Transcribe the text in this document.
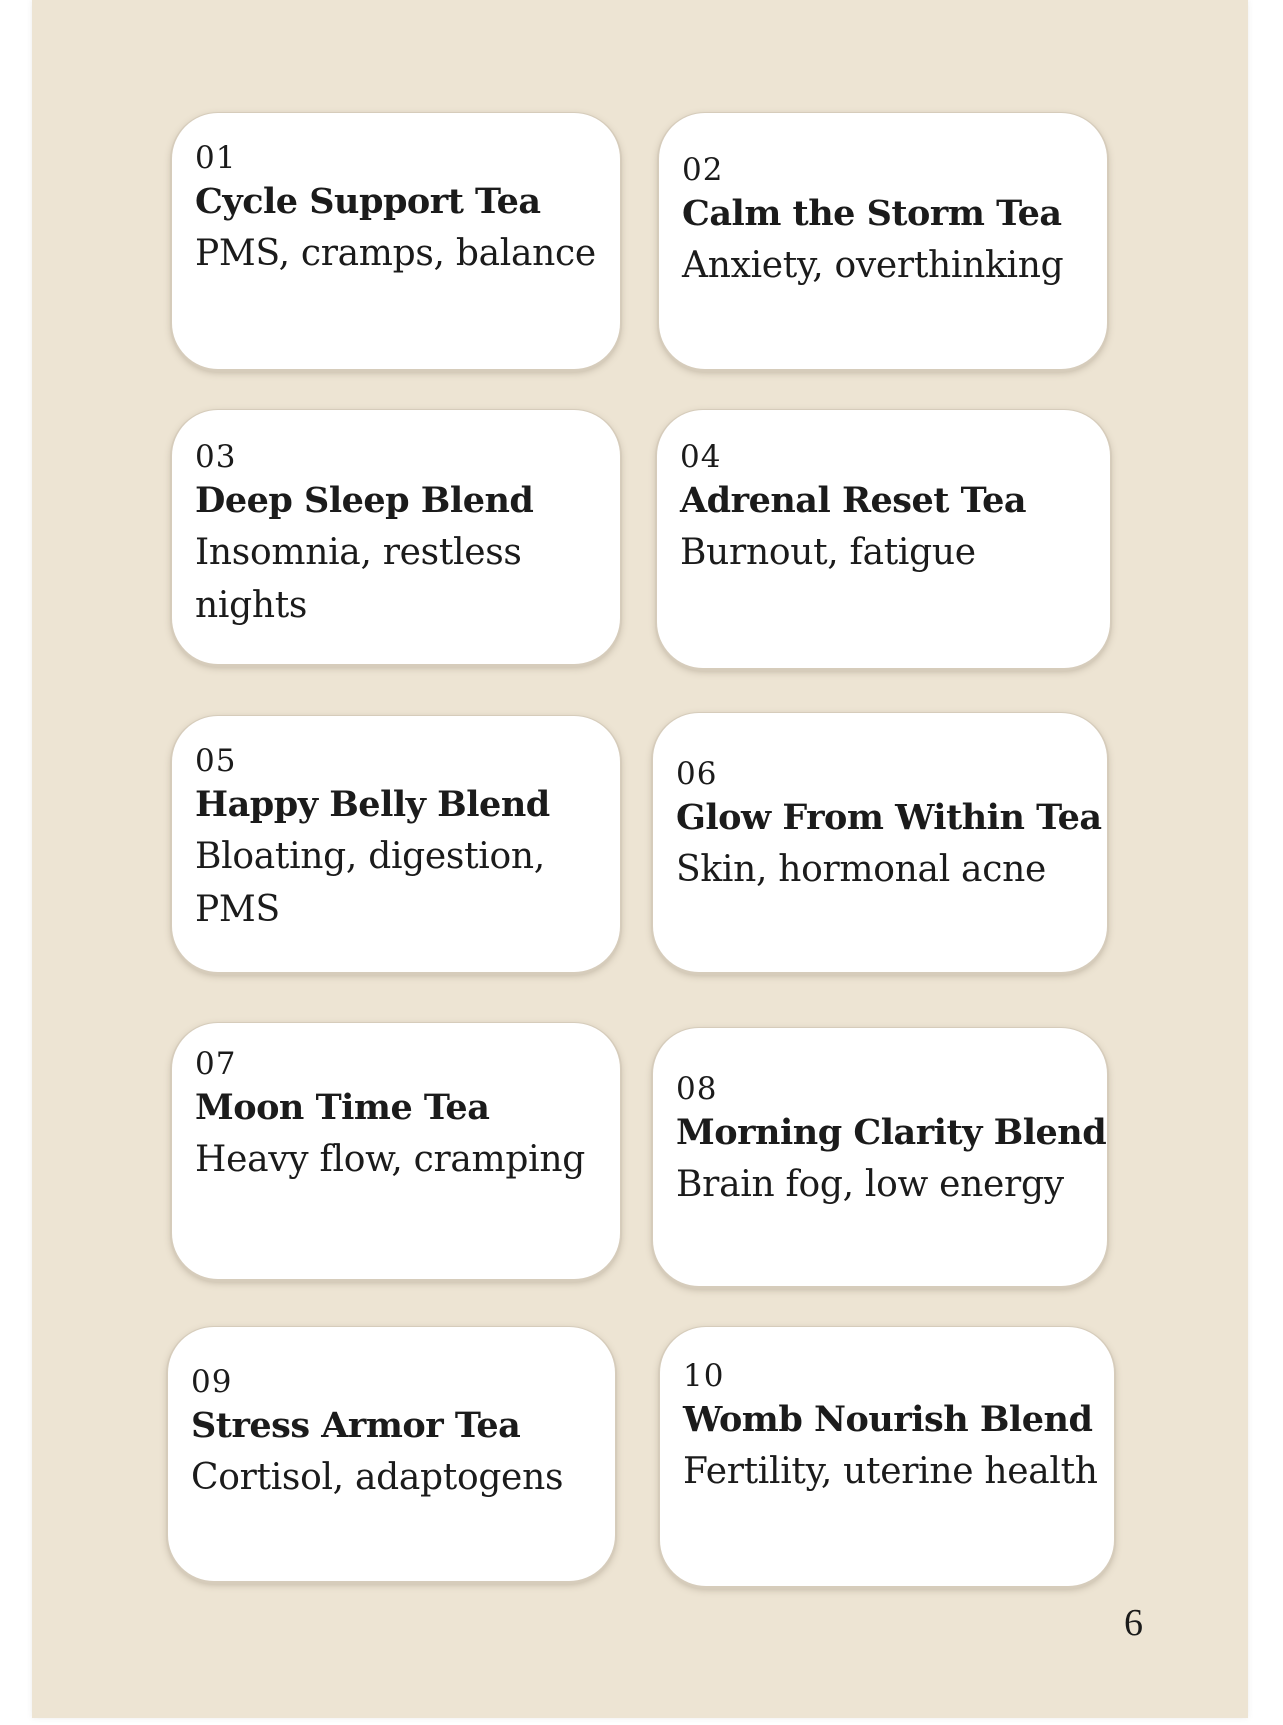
01
Cycle Support Tea
PMS, cramps, balance
02
Calm the Storm Tea
Anxiety, overthinking
03
Deep Sleep Blend
Insomnia, restless nights
04
Adrenal Reset Tea
Burnout, fatigue
05
Happy Belly Blend
Bloating, digestion, PMS
06
Glow From Within Tea
Skin, hormonal acne
07
Moon Time Tea
Heavy flow, cramping
08
Morning Clarity Blend
Brain fog, low energy
09
Stress Armor Tea
Cortisol, adaptogens
10
Womb Nourish Blend
Fertility, uterine health
6
